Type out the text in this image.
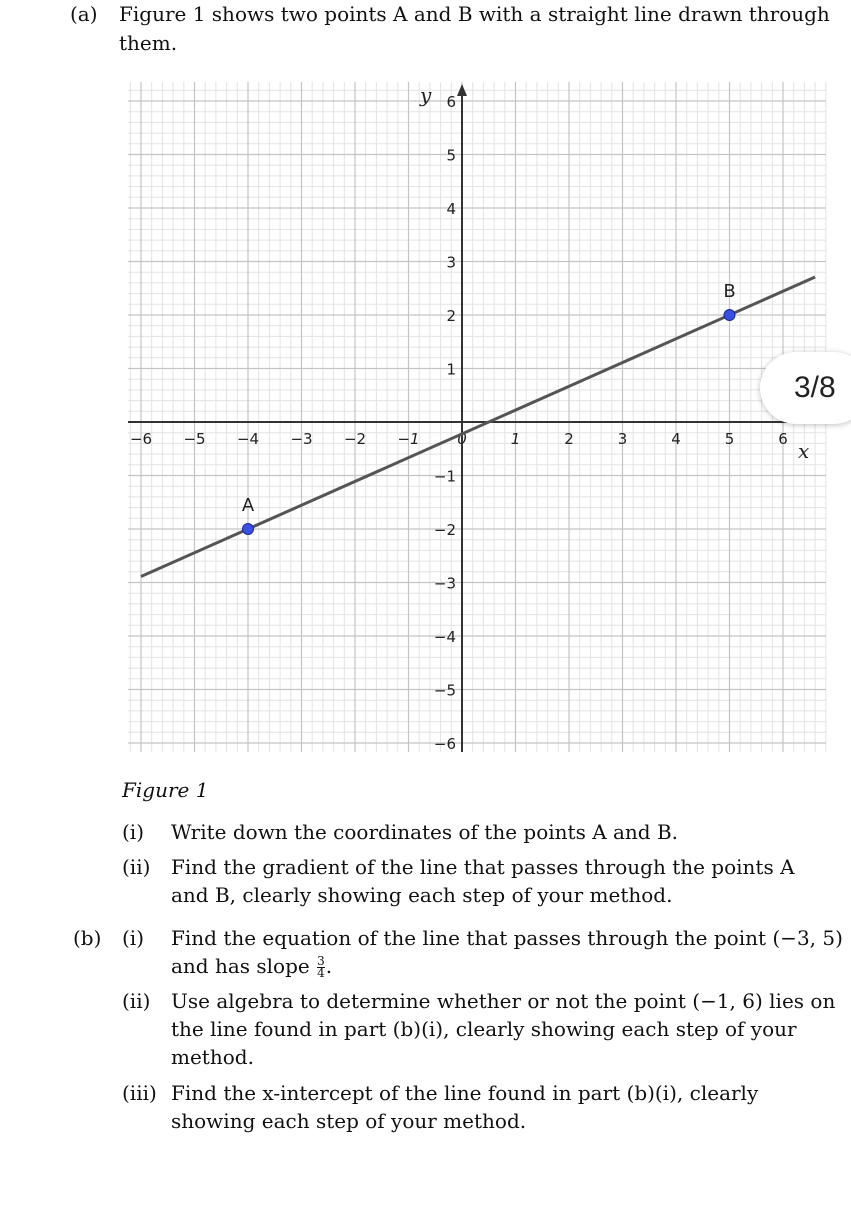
(a) Figure 1 shows two points A and B with a straight line drawn through
them.
x
y
−6 −5 −4 −3 −2 −1	0	1	2	3	4	5	6
−6
−5
−4
−3
−2
−1
1
2
3
4
5
6
A
B
3/8
Figure 1
(i) Write down the coordinates of the points A and B.
(ii) Find the gradient of the line that passes through the points A
and B, clearly showing each step of your method.
(b) (i) Find the equation of the line that passes through the point (−3, 5)
and has slope $\frac{3}{4}$ .
(ii) Use algebra to determine whether or not the point (−1, 6) lies on
the line found in part (b)(i), clearly showing each step of your
method.
(iii) Find the x-intercept of the line found in part (b)(i), clearly
showing each step of your method.
